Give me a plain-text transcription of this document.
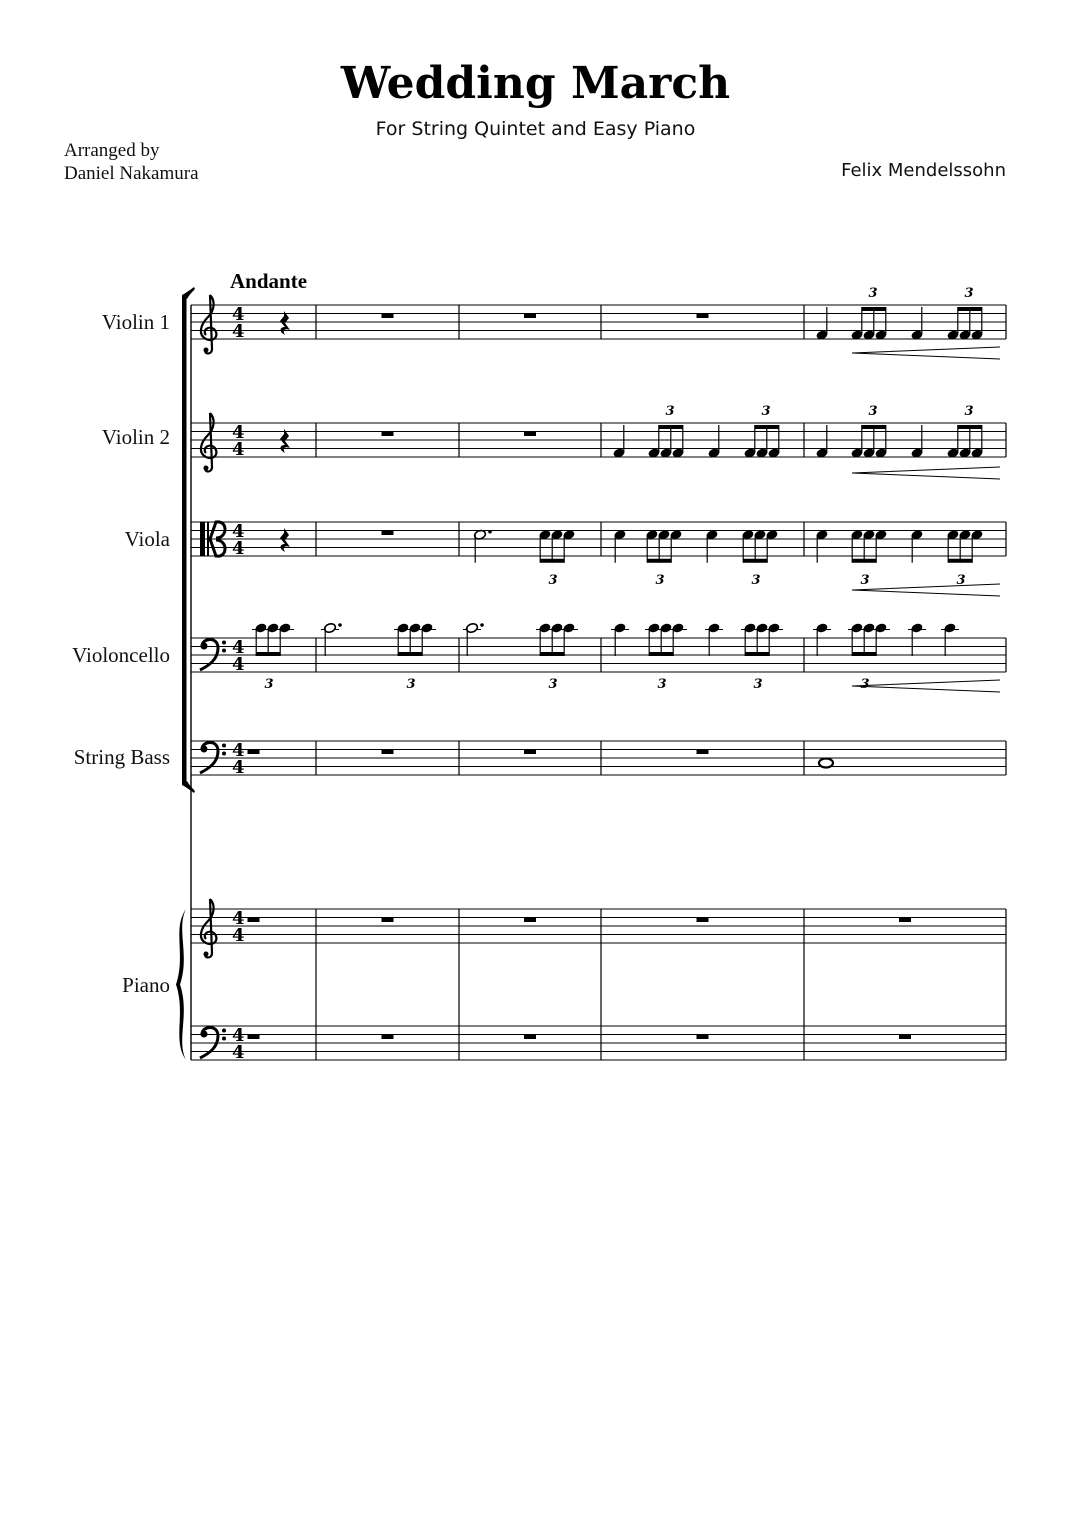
Wedding March
For String Quintet and Easy Piano
Arranged by
Daniel Nakamura	Felix Mendelssohn
Andante
Violin 1
Violin 2
Viola
Violoncello
String Bass
Piano
4
4
4
4
4
4
4
4
4
4
4
4
4
4
3	3
3	3	3	3
3	3	3	3	3
3	3	3	3	3	3
